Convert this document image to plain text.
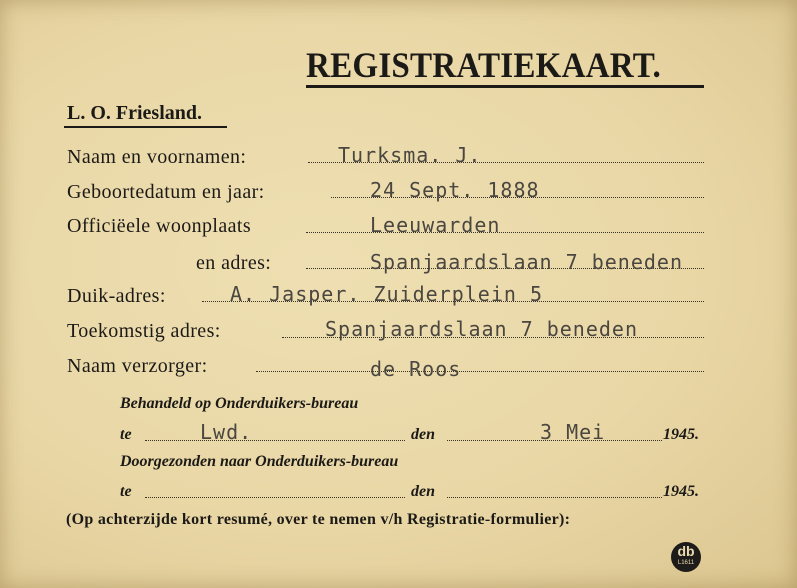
REGISTRATIEKAART.
L. O. Friesland.
Naam en voornamen:	Turksma. J.
Geboortedatum en jaar:	24 Sept. 1888
Officiëele woonplaats	Leeuwarden
en adres:	Spanjaardslaan 7 beneden
Duik-adres:	A. Jasper. Zuiderplein 5
Toekomstig adres:	Spanjaardslaan 7 beneden
Naam verzorger:	de Roos
Behandeld op Onderduikers-bureau
te	Lwd.	den	3 Mei	1945.
Doorgezonden naar Onderduikers-bureau
te	den	1945.
(Op achterzijde kort resumé, over te nemen v/h Registratie-formulier):
db
L1611
